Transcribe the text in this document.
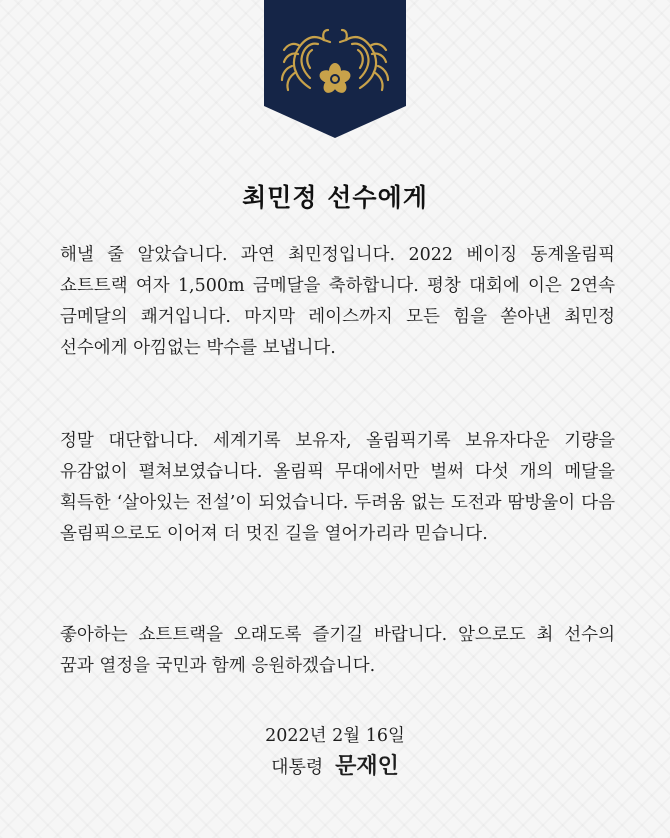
최민정 선수에게

해낼 줄 알았습니다. 과연 최민정입니다. 2022 베이징 동계올림픽 쇼트트랙 여자 1,500m 금메달을 축하합니다. 평창 대회에 이은 2연속 금메달의 쾌거입니다. 마지막 레이스까지 모든 힘을 쏟아낸 최민정 선수에게 아낌없는 박수를 보냅니다.

정말 대단합니다. 세계기록 보유자, 올림픽기록 보유자다운 기량을 유감없이 펼쳐보였습니다. 올림픽 무대에서만 벌써 다섯 개의 메달을 획득한 ‘살아있는 전설’이 되었습니다. 두려움 없는 도전과 땀방울이 다음 올림픽으로도 이어져 더 멋진 길을 열어가리라 믿습니다.

좋아하는 쇼트트랙을 오래도록 즐기길 바랍니다. 앞으로도 최 선수의 꿈과 열정을 국민과 함께 응원하겠습니다.

2022년 2월 16일
대통령 문재인
